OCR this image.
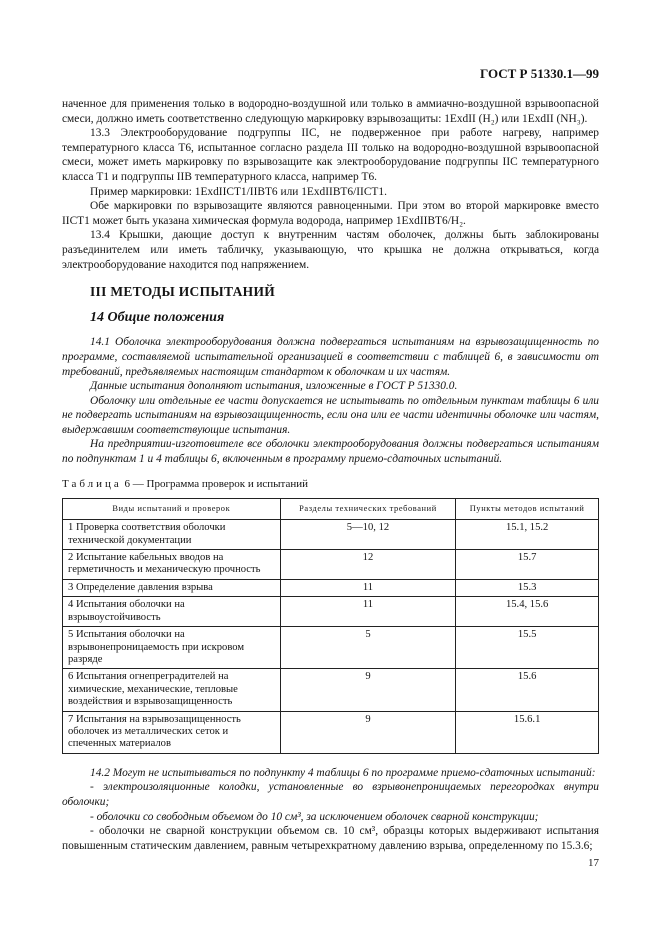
ГОСТ Р 51330.1—99

наченное для применения только в водородно-воздушной или только в аммиачно-воздушной взрывоопасной смеси, должно иметь соответственно следующую маркировку взрывозащиты: 1ExdII (H₂) или 1ExdII (NH₃).

13.3 Электрооборудование подгруппы IIC, не подверженное при работе нагреву, например температурного класса Т6, испытанное согласно раздела III только на водородно-воздушной взрывоопасной смеси, может иметь маркировку по взрывозащите как электрооборудование подгруппы IIC температурного класса Т1 и подгруппы IIB температурного класса, например Т6.

Пример маркировки: 1ExdIICT1/IIBT6 или 1ExdIIBT6/IICT1.

Обе маркировки по взрывозащите являются равноценными. При этом во второй маркировке вместо IICT1 может быть указана химическая формула водорода, например 1ExdIIBT6/H₂.

13.4 Крышки, дающие доступ к внутренним частям оболочек, должны быть заблокированы разъединителем или иметь табличку, указывающую, что крышка не должна открываться, когда электрооборудование находится под напряжением.

III МЕТОДЫ ИСПЫТАНИЙ
14 Общие положения

14.1 Оболочка электрооборудования должна подвергаться испытаниям на взрывозащищенность по программе, составляемой испытательной организацией в соответствии с таблицей 6, в зависимости от требований, предъявляемых настоящим стандартом к оболочкам и их частям.

Данные испытания дополняют испытания, изложенные в ГОСТ Р 51330.0.

Оболочку или отдельные ее части допускается не испытывать по отдельным пунктам таблицы 6 или не подвергать испытаниям на взрывозащищенность, если она или ее части идентичны оболочке или частям, выдержавшим соответствующие испытания.

На предприятии-изготовителе все оболочки электрооборудования должны подвергаться испытаниям по подпунктам 1 и 4 таблицы 6, включенным в программу приемо-сдаточных испытаний.

Таблица 6 — Программа проверок и испытаний
Виды испытаний и проверок	Разделы технических требований	Пункты методов испытаний
1 Проверка соответствия оболочки технической документации	5—10, 12	15.1, 15.2
2 Испытание кабельных вводов на герметичность и механическую прочность	12	15.7
3 Определение давления взрыва	11	15.3
4 Испытания оболочки на взрывоустойчивость	11	15.4, 15.6
5 Испытания оболочки на взрывонепроницаемость при искровом разряде	5	15.5
6 Испытания огнепреградителей на химические, механические, тепловые воздействия и взрывозащищенность	9	15.6
7 Испытания на взрывозащищенность оболочек из металлических сеток и спеченных материалов	9	15.6.1

14.2 Могут не испытываться по подпункту 4 таблицы 6 по программе приемо-сдаточных испытаний:

- электроизоляционные колодки, установленные во взрывонепроницаемых перегородках внутри оболочки;

- оболочки со свободным объемом до 10 см³, за исключением оболочек сварной конструкции;

- оболочки не сварной конструкции объемом св. 10 см³, образцы которых выдерживают испытания повышенным статическим давлением, равным четырехкратному давлению взрыва, определенному по 15.3.6;

17
